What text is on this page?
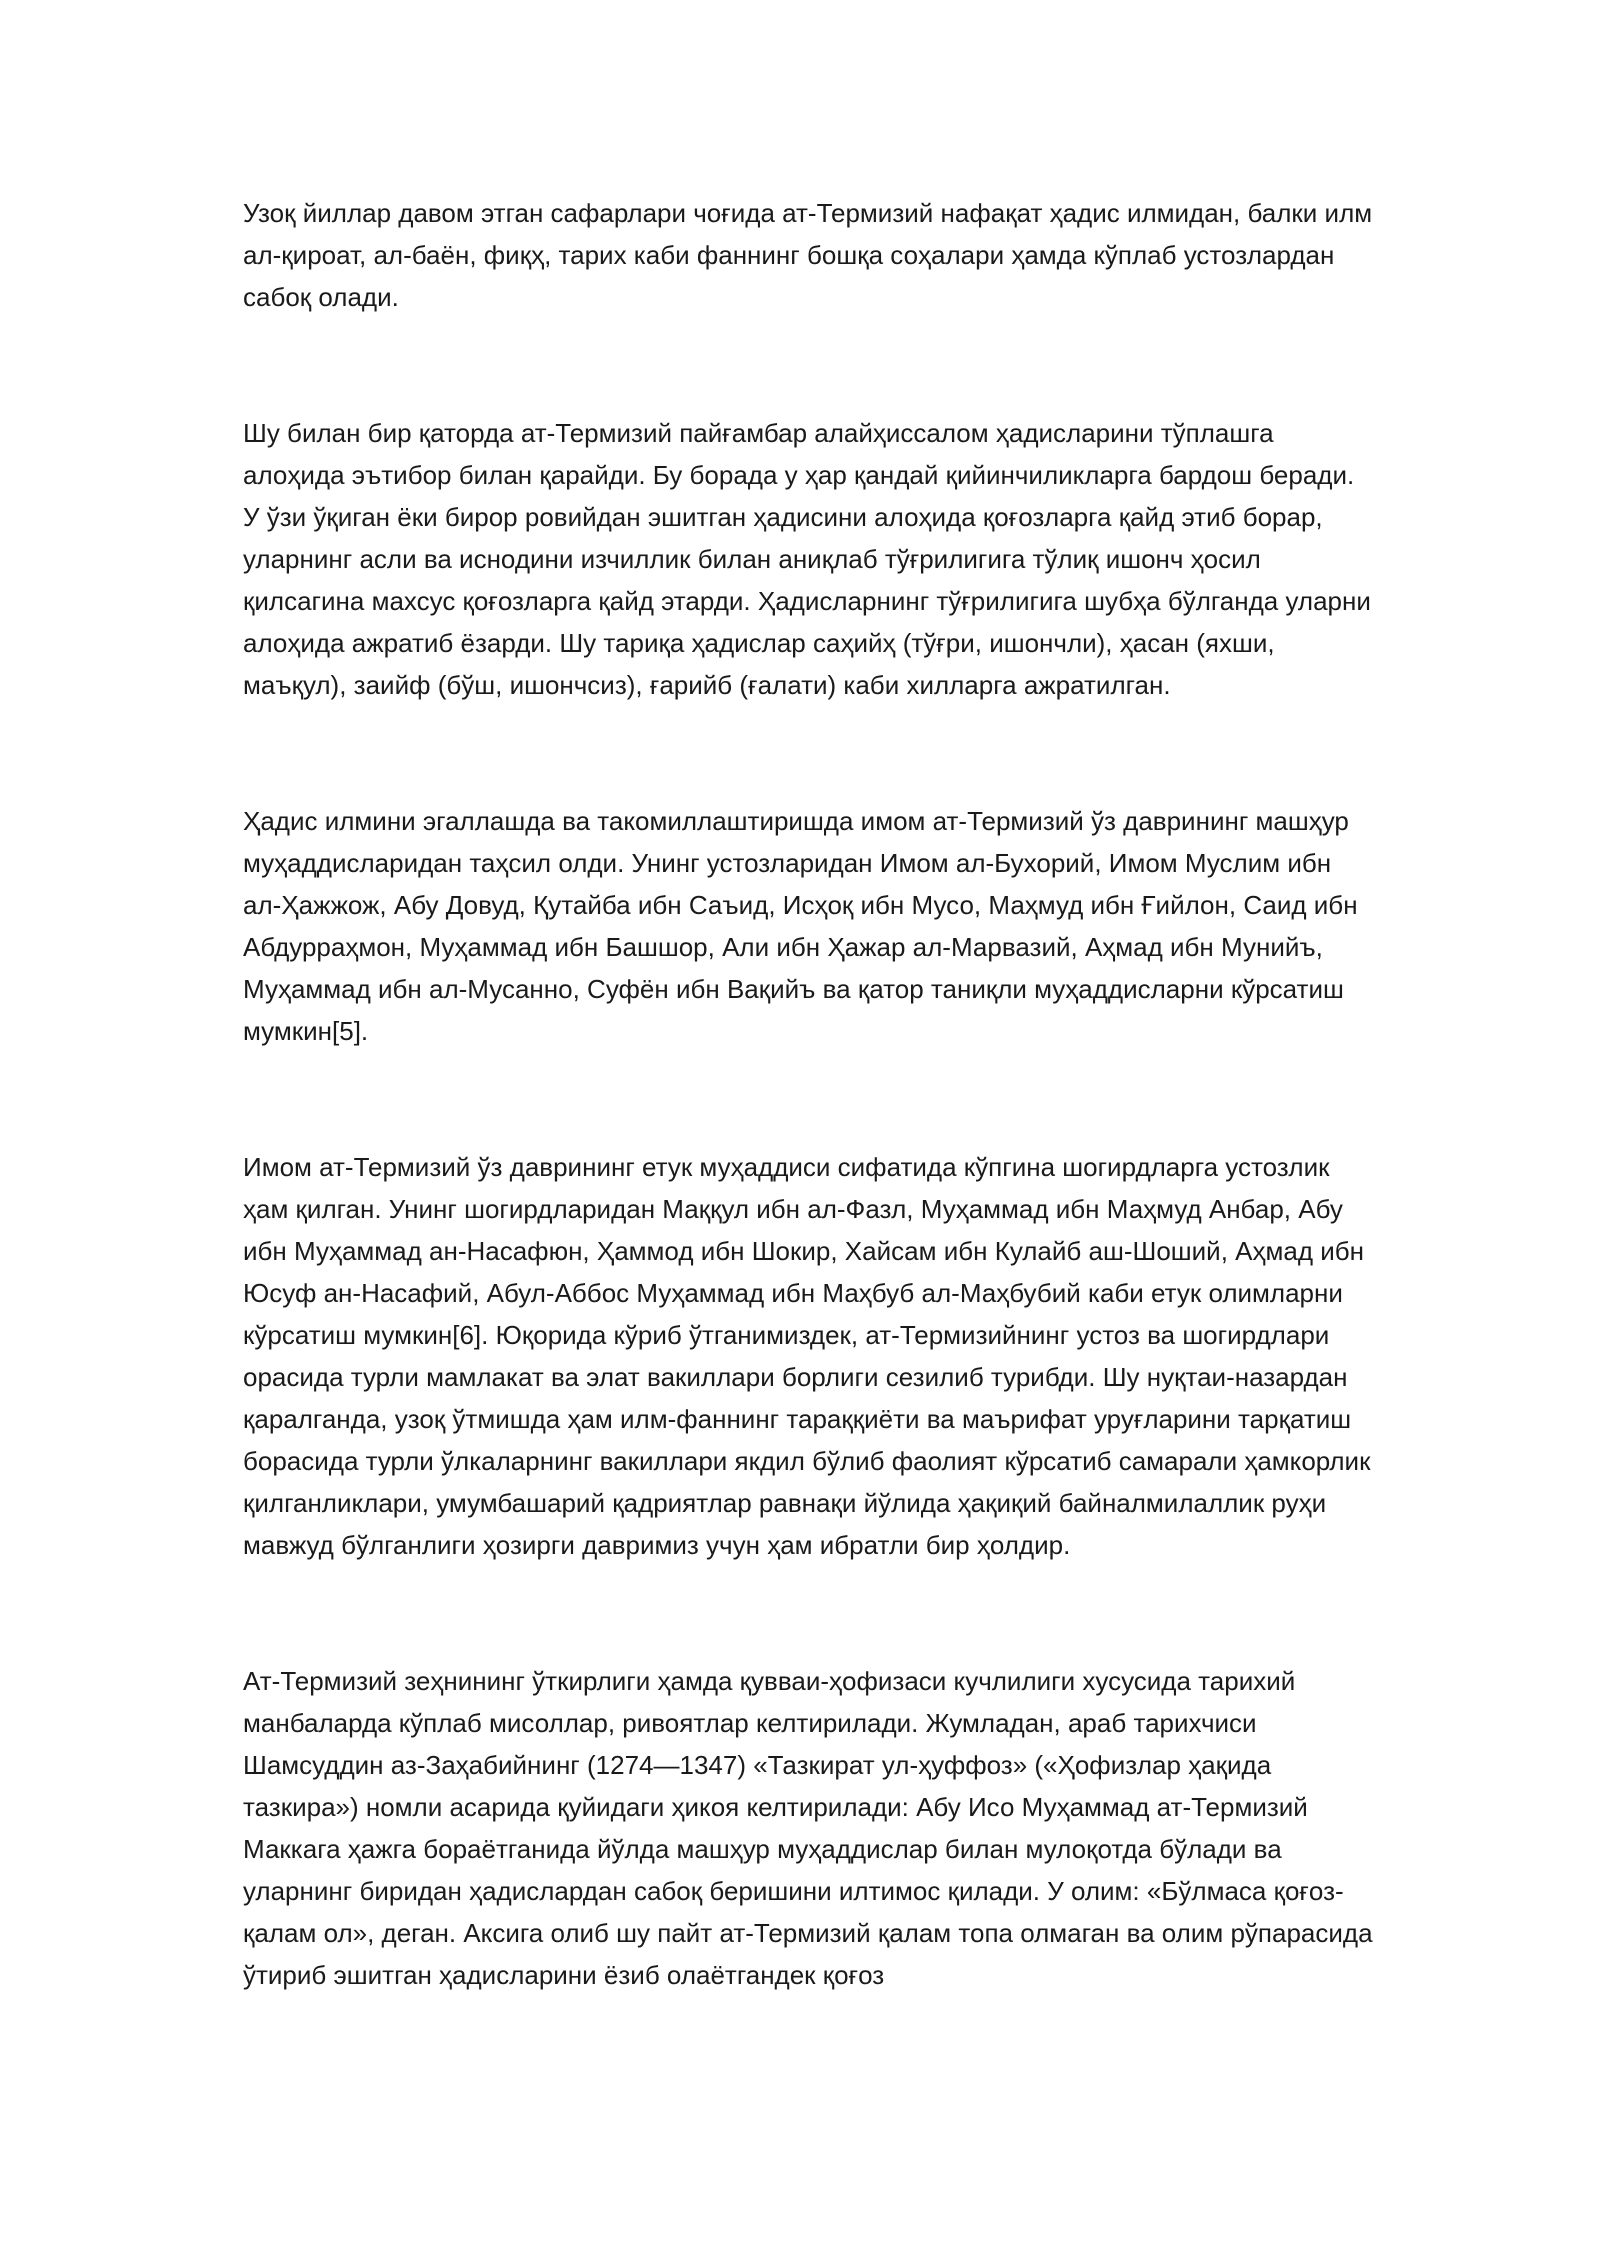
Узоқ йиллар давом этган сафарлари чоғида ат-Термизий нафақат ҳадис илмидан, балки илм ал-қироат, ал-баён, фиқҳ, тарих каби фаннинг бошқа соҳалари ҳамда кўплаб устозлардан сабоқ олади.

Шу билан бир қаторда ат-Термизий пайғамбар алайҳиссалом ҳадисларини тўплашга алоҳида эътибор билан қарайди. Бу борада у ҳар қандай қийинчиликларга бардош беради. У ўзи ўқиган ёки бирор ровийдан эшитган ҳадисини алоҳида қоғозларга қайд этиб борар, уларнинг асли ва иснодини изчиллик билан аниқлаб тўғрилигига тўлиқ ишонч ҳосил қилсагина махсус қоғозларга қайд этарди. Ҳадисларнинг тўғрилигига шубҳа бўлганда уларни алоҳида ажратиб ёзарди. Шу тариқа ҳадислар саҳийҳ (тўғри, ишончли), ҳасан (яхши, маъқул), заийф (бўш, ишончсиз), ғарийб (ғалати) каби хилларга ажратилган.

Ҳадис илмини эгаллашда ва такомиллаштиришда имом ат-Термизий ўз даврининг машҳур муҳаддисларидан таҳсил олди. Унинг устозларидан Имом ал-Бухорий, Имом Муслим ибн ал-Ҳажжож, Абу Довуд, Қутайба ибн Саъид, Исҳоқ ибн Мусо, Маҳмуд ибн Ғийлон, Саид ибн Абдурраҳмон, Муҳаммад ибн Башшор, Али ибн Ҳажар ал-Марвазий, Аҳмад ибн Мунийъ, Муҳаммад ибн ал-Мусанно, Суфён ибн Вақийъ ва қатор таниқли муҳаддисларни кўрсатиш мумкин[5].

Имом ат-Термизий ўз даврининг етук муҳаддиси сифатида кўпгина шогирдларга устозлик ҳам қилган. Унинг шогирдларидан Маққул ибн ал-Фазл, Муҳаммад ибн Маҳмуд Анбар, Абу ибн Муҳаммад ан-Насафюн, Ҳаммод ибн Шокир, Хайсам ибн Кулайб аш-Шоший, Аҳмад ибн Юсуф ан-Насафий, Абул-Аббос Муҳаммад ибн Маҳбуб ал-Маҳбубий каби етук олимларни кўрсатиш мумкин[6]. Юқорида кўриб ўтганимиздек, ат-Термизийнинг устоз ва шогирдлари орасида турли мамлакат ва элат вакиллари борлиги сезилиб турибди. Шу нуқтаи-назардан қаралганда, узоқ ўтмишда ҳам илм-фаннинг тараққиёти ва маърифат уруғларини тарқатиш борасида турли ўлкаларнинг вакиллари якдил бўлиб фаолият кўрсатиб самарали ҳамкорлик қилганликлари, умумбашарий қадриятлар равнақи йўлида ҳақиқий байналмилаллик руҳи мавжуд бўлганлиги ҳозирги давримиз учун ҳам ибратли бир ҳолдир.

Ат-Термизий зеҳнининг ўткирлиги ҳамда қувваи-ҳофизаси кучлилиги хусусида тарихий манбаларда кўплаб мисоллар, ривоятлар келтирилади. Жумладан, араб тарихчиси Шамсуддин аз-Заҳабийнинг (1274—1347) «Тазкират ул-ҳуффоз» («Ҳофизлар ҳақида тазкира») номли асарида қуйидаги ҳикоя келтирилади: Абу Исо Муҳаммад ат-Термизий Маккага ҳажга бораётганида йўлда машҳур муҳаддислар билан мулоқотда бўлади ва уларнинг биридан ҳадислардан сабоқ беришини илтимос қилади. У олим: «Бўлмаса қоғоз-қалам ол», деган. Аксига олиб шу пайт ат-Термизий қалам топа олмаган ва олим рўпарасида ўтириб эшитган ҳадисларини ёзиб олаётгандек қоғоз
